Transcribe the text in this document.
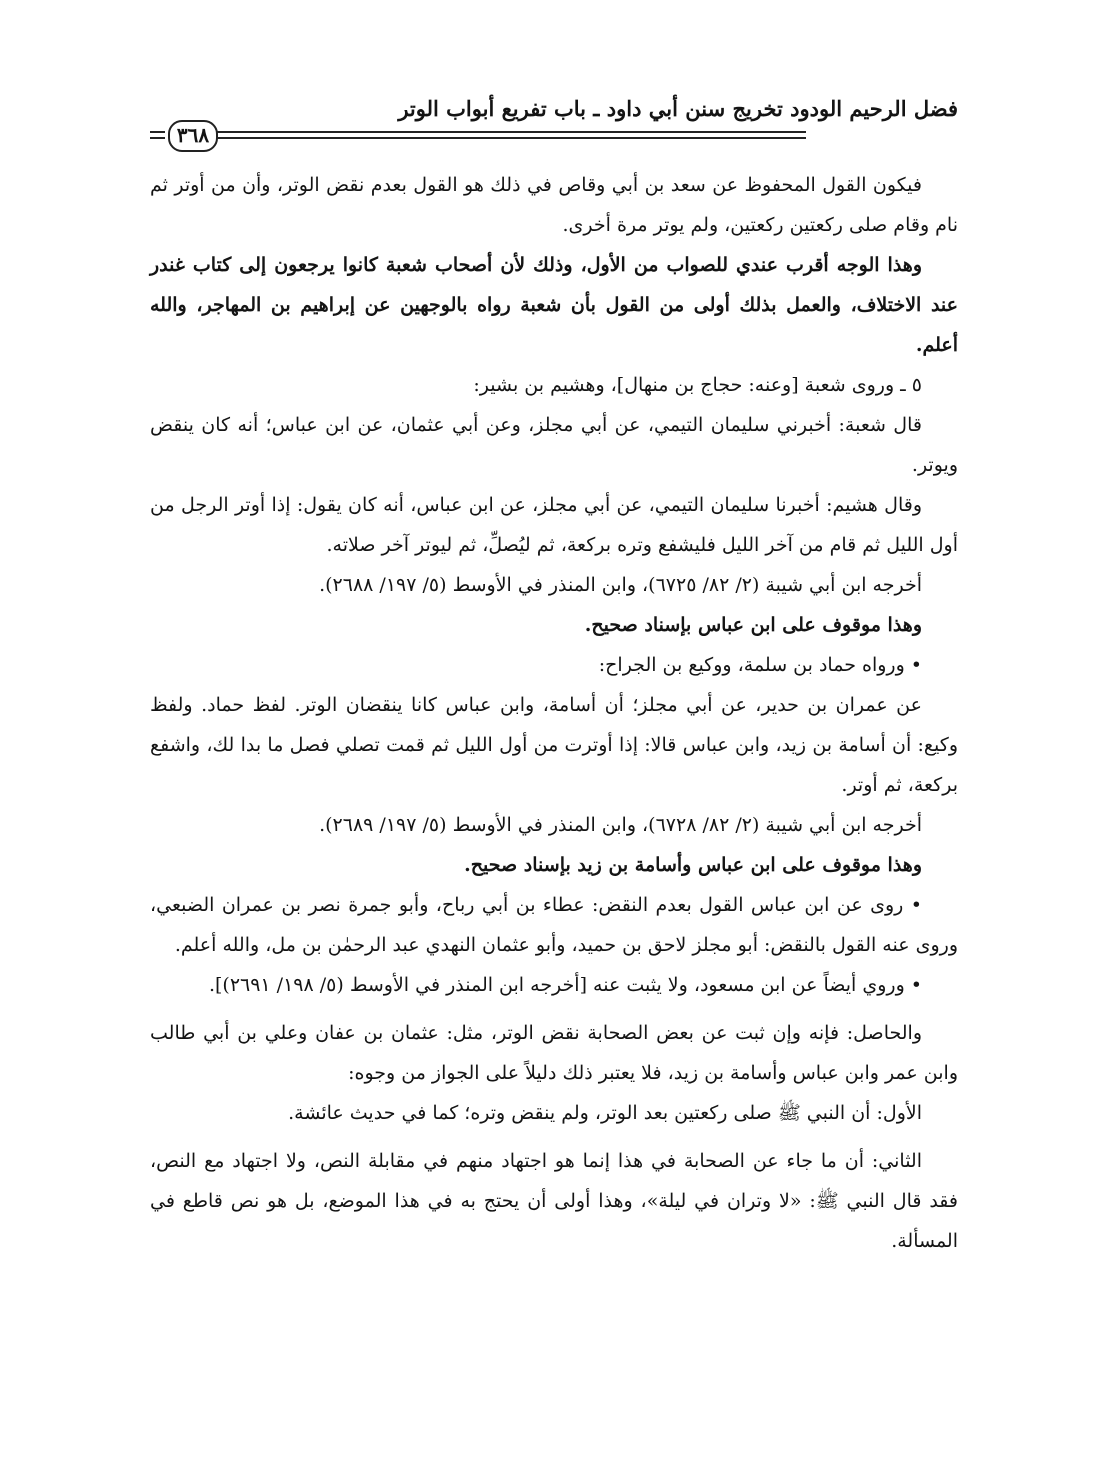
فضل الرحيم الودود تخريج سنن أبي داود ـ باب تفريع أبواب الوتر
٣٦٨

فيكون القول المحفوظ عن سعد بن أبي وقاص في ذلك هو القول بعدم نقض الوتر، وأن من أوتر ثم نام وقام صلى ركعتين ركعتين، ولم يوتر مرة أخرى.

وهذا الوجه أقرب عندي للصواب من الأول، وذلك لأن أصحاب شعبة كانوا يرجعون إلى كتاب غندر عند الاختلاف، والعمل بذلك أولى من القول بأن شعبة رواه بالوجهين عن إبراهيم بن المهاجر، والله أعلم.

٥ ـ وروى شعبة [وعنه: حجاج بن منهال]، وهشيم بن بشير:

قال شعبة: أخبرني سليمان التيمي، عن أبي مجلز، وعن أبي عثمان، عن ابن عباس؛ أنه كان ينقض ويوتر.

وقال هشيم: أخبرنا سليمان التيمي، عن أبي مجلز، عن ابن عباس، أنه كان يقول: إذا أوتر الرجل من أول الليل ثم قام من آخر الليل فليشفع وتره بركعة، ثم ليُصلِّ، ثم ليوتر آخر صلاته.

أخرجه ابن أبي شيبة (٢/ ٨٢/ ٦٧٢٥)، وابن المنذر في الأوسط (٥/ ١٩٧/ ٢٦٨٨).

وهذا موقوف على ابن عباس بإسناد صحيح.

• ورواه حماد بن سلمة، ووكيع بن الجراح:

عن عمران بن حدير، عن أبي مجلز؛ أن أسامة، وابن عباس كانا ينقضان الوتر. لفظ حماد. ولفظ وكيع: أن أسامة بن زيد، وابن عباس قالا: إذا أوترت من أول الليل ثم قمت تصلي فصل ما بدا لك، واشفع بركعة، ثم أوتر.

أخرجه ابن أبي شيبة (٢/ ٨٢/ ٦٧٢٨)، وابن المنذر في الأوسط (٥/ ١٩٧/ ٢٦٨٩).

وهذا موقوف على ابن عباس وأسامة بن زيد بإسناد صحيح.

• روى عن ابن عباس القول بعدم النقض: عطاء بن أبي رباح، وأبو جمرة نصر بن عمران الضبعي، وروى عنه القول بالنقض: أبو مجلز لاحق بن حميد، وأبو عثمان النهدي عبد الرحمٰن بن مل، والله أعلم.

• وروي أيضاً عن ابن مسعود، ولا يثبت عنه [أخرجه ابن المنذر في الأوسط (٥/ ١٩٨/ ٢٦٩١)].

والحاصل: فإنه وإن ثبت عن بعض الصحابة نقض الوتر، مثل: عثمان بن عفان وعلي بن أبي طالب وابن عمر وابن عباس وأسامة بن زيد، فلا يعتبر ذلك دليلاً على الجواز من وجوه:

الأول: أن النبي ﷺ صلى ركعتين بعد الوتر، ولم ينقض وتره؛ كما في حديث عائشة.

الثاني: أن ما جاء عن الصحابة في هذا إنما هو اجتهاد منهم في مقابلة النص، ولا اجتهاد مع النص، فقد قال النبي ﷺ: «لا وتران في ليلة»، وهذا أولى أن يحتج به في هذا الموضع، بل هو نص قاطع في المسألة.
